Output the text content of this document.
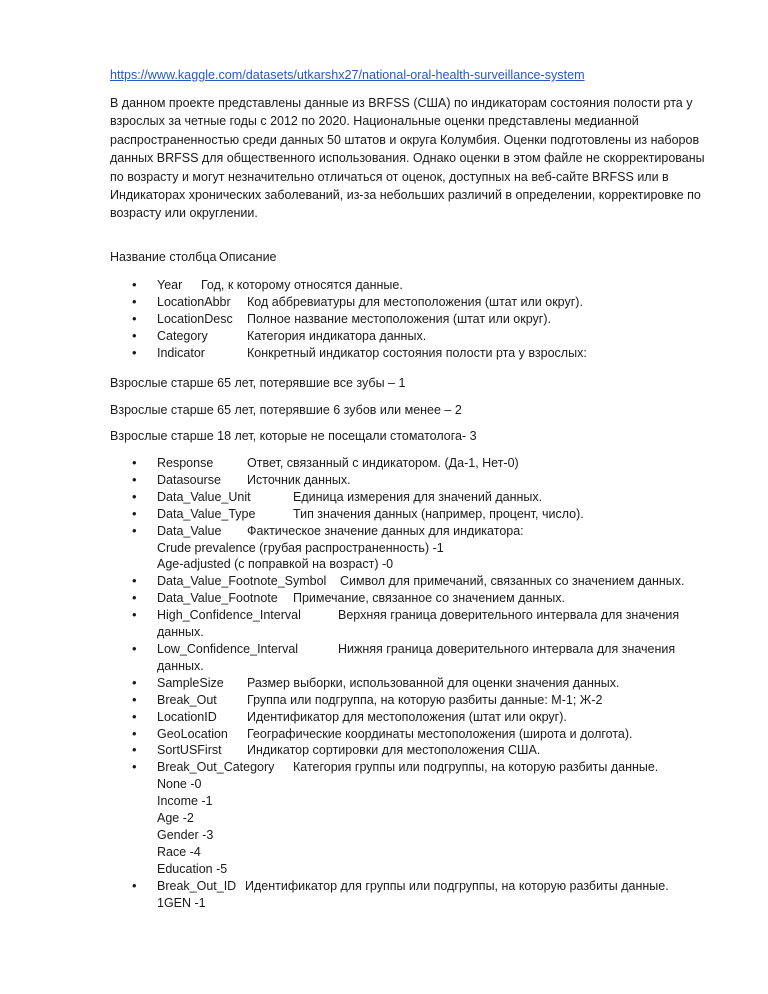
https://www.kaggle.com/datasets/utkarshx27/national-oral-health-surveillance-system

В данном проекте представлены данные из BRFSS (США) по индикаторам состояния полости рта у взрослых за четные годы с 2012 по 2020. Национальные оценки представлены медианной распространенностью среди данных 50 штатов и округа Колумбия. Оценки подготовлены из наборов данных BRFSS для общественного использования. Однако оценки в этом файле не скорректированы по возрасту и могут незначительно отличаться от оценок, доступных на веб-сайте BRFSS или в Индикаторах хронических заболеваний, из-за небольших различий в определении, корректировке по возрасту или округлении.

Название столбца Описание
• Year Год, к которому относятся данные.
• LocationAbbr Код аббревиатуры для местоположения (штат или округ).
• LocationDesc Полное название местоположения (штат или округ).
• Category	Категория индикатора данных.
• Indicator	Конкретный индикатор состояния полости рта у взрослых:

Взрослые старше 65 лет, потерявшие все зубы – 1

Взрослые старше 65 лет, потерявшие 6 зубов или менее – 2

Взрослые старше 18 лет, которые не посещали стоматолога- 3

• Response	Ответ, связанный с индикатором. (Да-1, Нет-0)
• Datasourse Источник данных.
• Data_Value_Unit	Единица измерения для значений данных.
• Data_Value_Type	Тип значения данных (например, процент, число).
• Data_Value Фактическое значение данных для индикатора:
Crude prevalence (грубая распространенность) -1
Age-adjusted (с поправкой на возраст) -0
• Data_Value_Footnote_Symbol Символ для примечаний, связанных со значением данных.
• Data_Value_Footnote Примечание, связанное со значением данных.
• High_Confidence_Interval	Верхняя граница доверительного интервала для значения
данных.
• Low_Confidence_Interval	Нижняя граница доверительного интервала для значения
данных.
• SampleSize Размер выборки, использованной для оценки значения данных.
• Break_Out Группа или подгруппа, на которую разбиты данные: М-1; Ж-2
• LocationID Идентификатор для местоположения (штат или округ).
• GeoLocation Географические координаты местоположения (широта и долгота).
• SortUSFirst Индикатор сортировки для местоположения США.
• Break_Out_Category Категория группы или подгруппы, на которую разбиты данные.
None -0
Income -1
Age -2
Gender -3
Race -4
Education -5
• Break_Out_ID Идентификатор для группы или подгруппы, на которую разбиты данные.
1GEN -1
